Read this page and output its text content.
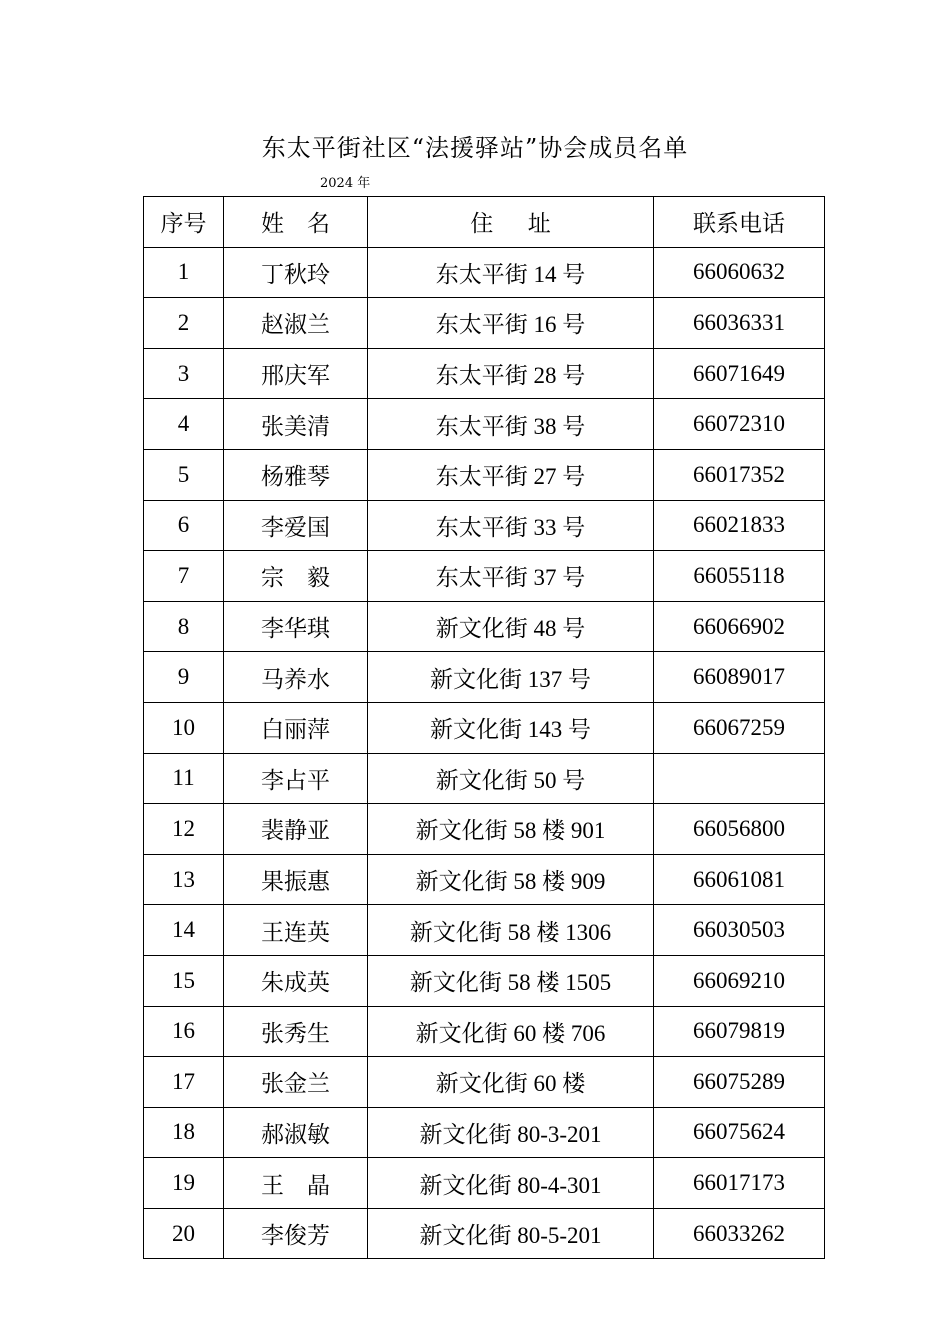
东太平街社区“法援驿站”协会成员名单
2024 年
序号	姓    名	住      址	联系电话
1	丁秋玲	东太平街 14 号	66060632
2	赵淑兰	东太平街 16 号	66036331
3	邢庆军	东太平街 28 号	66071649
4	张美清	东太平街 38 号	66072310
5	杨雅琴	东太平街 27 号	66017352
6	李爱国	东太平街 33 号	66021833
7	宗    毅	东太平街 37 号	66055118
8	李华琪	新文化街 48 号	66066902
9	马养水	新文化街 137 号	66089017
10	白丽萍	新文化街 143 号	66067259
11	李占平	新文化街 50 号	
12	裴静亚	新文化街 58 楼 901	66056800
13	果振惠	新文化街 58 楼 909	66061081
14	王连英	新文化街 58 楼 1306	66030503
15	朱成英	新文化街 58 楼 1505	66069210
16	张秀生	新文化街 60 楼 706	66079819
17	张金兰	新文化街 60 楼	66075289
18	郝淑敏	新文化街 80-3-201	66075624
19	王    晶	新文化街 80-4-301	66017173
20	李俊芳	新文化街 80-5-201	66033262
